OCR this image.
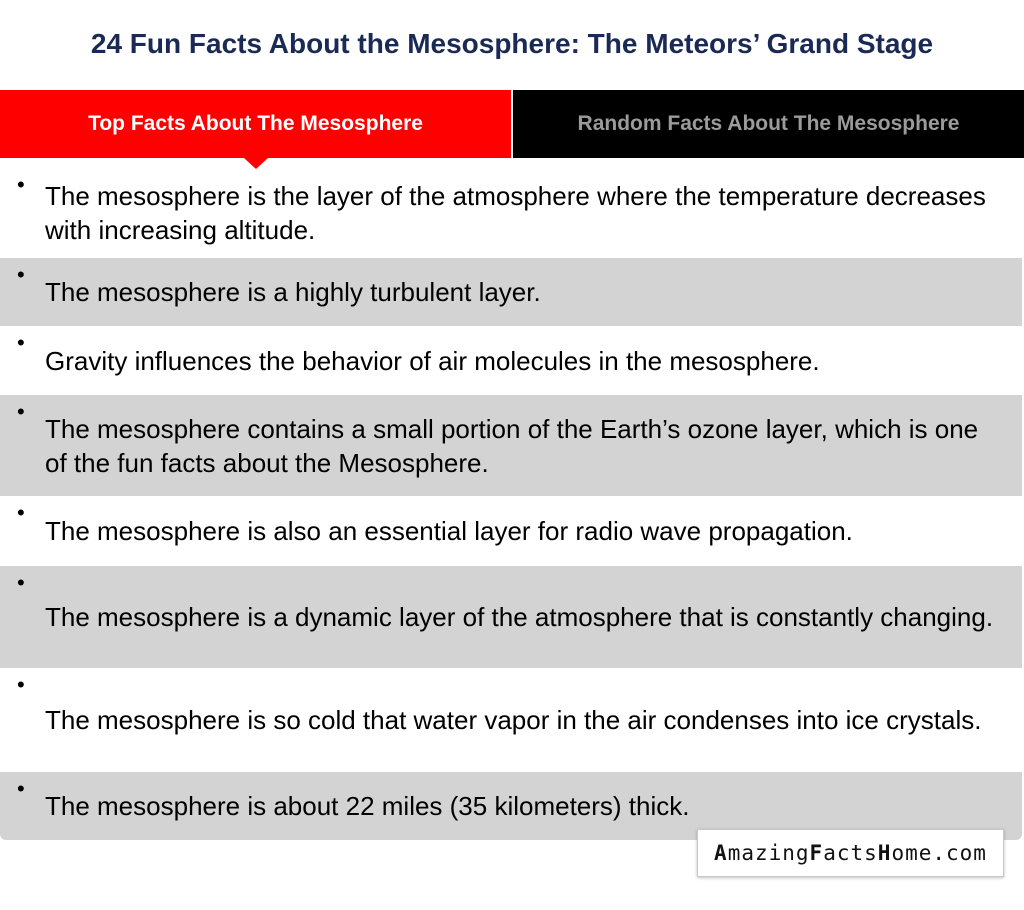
24 Fun Facts About the Mesosphere: The Meteors’ Grand Stage
Top Facts About The Mesosphere	Random Facts About The Mesosphere
• The mesosphere is the layer of the atmosphere where the temperature decreases with increasing altitude.
•
The mesosphere is a highly turbulent layer.
•
Gravity influences the behavior of air molecules in the mesosphere.
•
The mesosphere contains a small portion of the Earth’s ozone layer, which is one of the fun facts about the Mesosphere.
•
The mesosphere is also an essential layer for radio wave propagation.
•
The mesosphere is a dynamic layer of the atmosphere that is constantly changing.
•
The mesosphere is so cold that water vapor in the air condenses into ice crystals.
•
The mesosphere is about 22 miles (35 kilometers) thick.
A mazing F acts H ome.com
